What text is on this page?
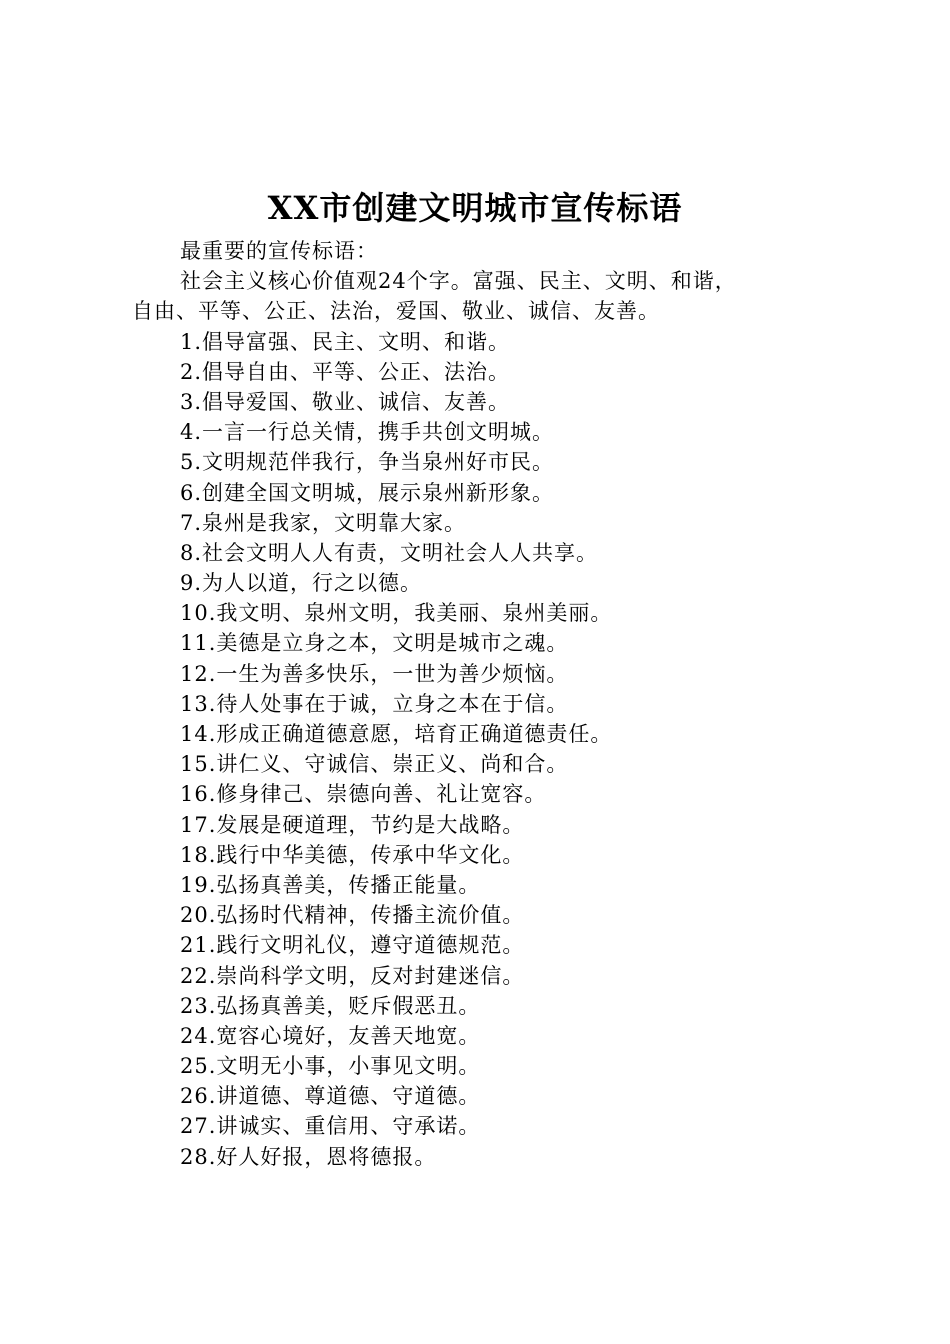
XX市创建文明城市宣传标语
最重要的宣传标语：
社会主义核心价值观24个字。富强、民主、文明、和谐，
自由、平等、公正、法治，爱国、敬业、诚信、友善。
1.倡导富强、民主、文明、和谐。
2.倡导自由、平等、公正、法治。
3.倡导爱国、敬业、诚信、友善。
4.一言一行总关情，携手共创文明城。
5.文明规范伴我行，争当泉州好市民。
6.创建全国文明城，展示泉州新形象。
7.泉州是我家，文明靠大家。
8.社会文明人人有责，文明社会人人共享。
9.为人以道，行之以德。
10.我文明、泉州文明，我美丽、泉州美丽。
11.美德是立身之本，文明是城市之魂。
12.一生为善多快乐，一世为善少烦恼。
13.待人处事在于诚，立身之本在于信。
14.形成正确道德意愿，培育正确道德责任。
15.讲仁义、守诚信、崇正义、尚和合。
16.修身律己、崇德向善、礼让宽容。
17.发展是硬道理，节约是大战略。
18.践行中华美德，传承中华文化。
19.弘扬真善美，传播正能量。
20.弘扬时代精神，传播主流价值。
21.践行文明礼仪，遵守道德规范。
22.崇尚科学文明，反对封建迷信。
23.弘扬真善美，贬斥假恶丑。
24.宽容心境好，友善天地宽。
25.文明无小事，小事见文明。
26.讲道德、尊道德、守道德。
27.讲诚实、重信用、守承诺。
28.好人好报，恩将德报。
